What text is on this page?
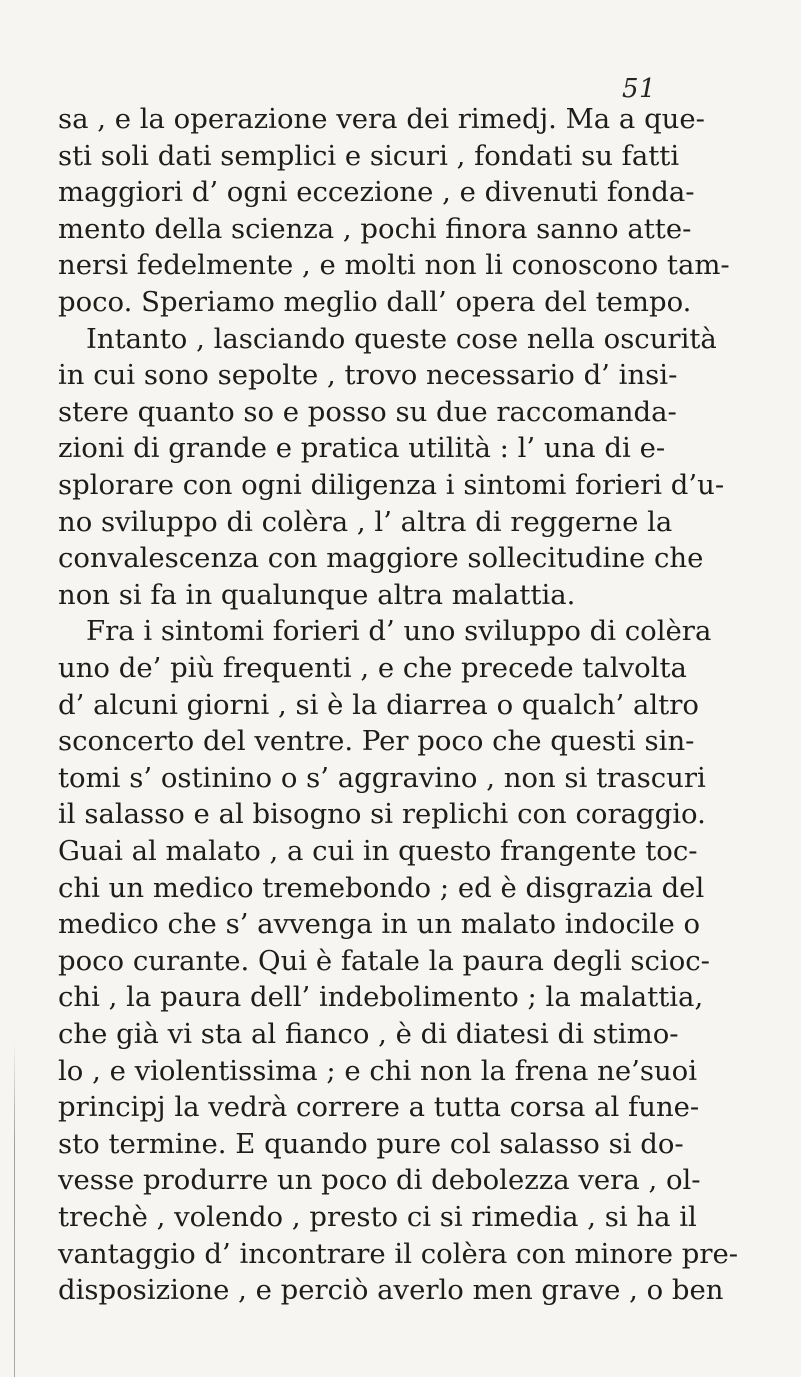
51
sa , e la operazione vera dei rimedj. Ma a que-
sti soli dati semplici e sicuri , fondati su fatti
maggiori d’ ogni eccezione , e divenuti fonda-
mento della scienza , pochi finora sanno atte-
nersi fedelmente , e molti non li conoscono tam-
poco. Speriamo meglio dall’ opera del tempo.
Intanto , lasciando queste cose nella oscurità
in cui sono sepolte , trovo necessario d’ insi-
stere quanto so e posso su due raccomanda-
zioni di grande e pratica utilità : l’ una di e-
splorare con ogni diligenza i sintomi forieri d’u-
no sviluppo di colèra , l’ altra di reggerne la
convalescenza con maggiore sollecitudine che
non si fa in qualunque altra malattia.
Fra i sintomi forieri d’ uno sviluppo di colèra
uno de’ più frequenti , e che precede talvolta
d’ alcuni giorni , si è la diarrea o qualch’ altro
sconcerto del ventre. Per poco che questi sin-
tomi s’ ostinino o s’ aggravino , non si trascuri
il salasso e al bisogno si replichi con coraggio.
Guai al malato , a cui in questo frangente toc-
chi un medico tremebondo ; ed è disgrazia del
medico che s’ avvenga in un malato indocile o
poco curante. Qui è fatale la paura degli scioc-
chi , la paura dell’ indebolimento ; la malattia,
che già vi sta al fianco , è di diatesi di stimo-
lo , e violentissima ; e chi non la frena ne’suoi
principj la vedrà correre a tutta corsa al fune-
sto termine. E quando pure col salasso si do-
vesse produrre un poco di debolezza vera , ol-
trechè , volendo , presto ci si rimedia , si ha il
vantaggio d’ incontrare il colèra con minore pre-
disposizione , e perciò averlo men grave , o ben
